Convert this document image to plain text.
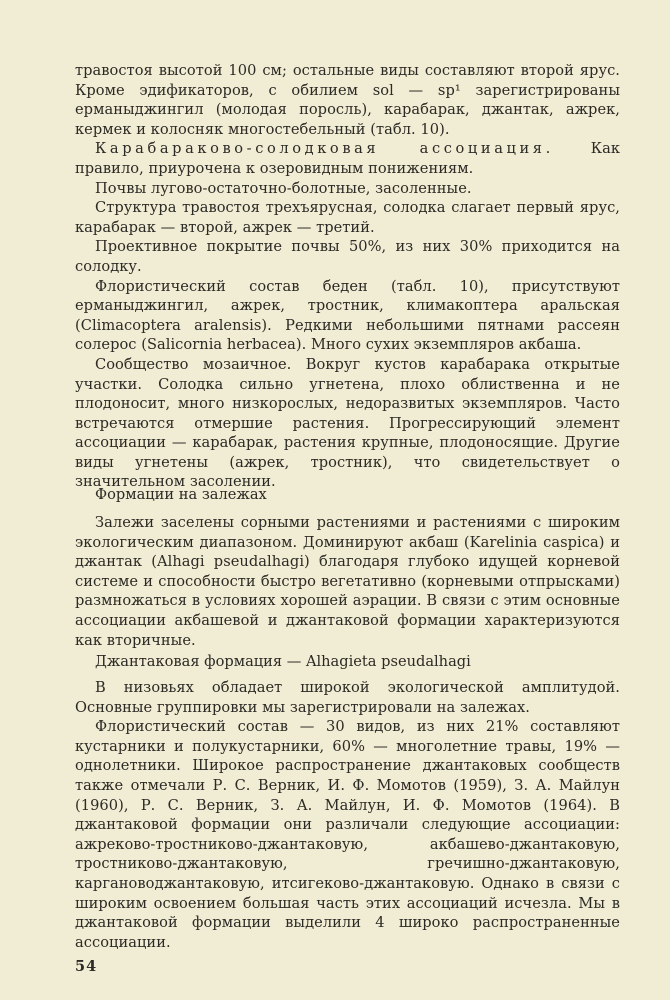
травостоя высотой 100 см; остальные виды составляют второй ярус. Кроме эдификаторов, с обилием sol — sp¹ зарегистрированы ерманыджингил (молодая поросль), карабарак, джантак, ажрек, кермек и колосняк многостебельный (табл. 10).

Карабараково-солодковая ассоциация. Как правило, приурочена к озеровидным понижениям.

Почвы лугово-остаточно-болотные, засоленные.

Структура травостоя трехъярусная, солодка слагает первый ярус, карабарак — второй, ажрек — третий.

Проективное покрытие почвы 50%, из них 30% приходится на солодку.

Флористический состав беден (табл. 10), присутствуют ерманыджингил, ажрек, тростник, климакоптера аральская (Climacoptera aralensis). Редкими небольшими пятнами рассеян солерос (Salicornia herbacea). Много сухих экземпляров акбаша.

Сообщество мозаичное. Вокруг кустов карабарака открытые участки. Солодка сильно угнетена, плохо облиственна и не плодоносит, много низкорослых, недоразвитых экземпляров. Часто встречаются отмершие растения. Прогрессирующий элемент ассоциации — карабарак, растения крупные, плодоносящие. Другие виды угнетены (ажрек, тростник), что свидетельствует о значительном засолении.

Формации на залежах

Залежи заселены сорными растениями и растениями с широким экологическим диапазоном. Доминируют акбаш (Karelinia caspica) и джантак (Alhagi pseudalhagi) благодаря глубоко идущей корневой системе и способности быстро вегетативно (корневыми отпрысками) размножаться в условиях хорошей аэрации. В связи с этим основные ассоциации акбашевой и джантаковой формации характеризуются как вторичные.

Джантаковая формация — Alhagieta pseudalhagi

В низовьях обладает широкой экологической амплитудой. Основные группировки мы зарегистрировали на залежах.

Флористический состав — 30 видов, из них 21% составляют кустарники и полукустарники, 60% — многолетние травы, 19% — однолетники. Широкое распространение джантаковых сообществ также отмечали Р. С. Верник, И. Ф. Момотов (1959), З. А. Майлун (1960), Р. С. Верник, З. А. Майлун, И. Ф. Момотов (1964). В джантаковой формации они различали следующие ассоциации: ажреково-тростниково-джантаковую, акбашево-джантаковую, тростниково-джантаковую, гречишно-джантаковую, каргановоджантаковую, итсигеково-джантаковую. Однако в связи с широким освоением большая часть этих ассоциаций исчезла. Мы в джантаковой формации выделили 4 широко распространенные ассоциации.

54
